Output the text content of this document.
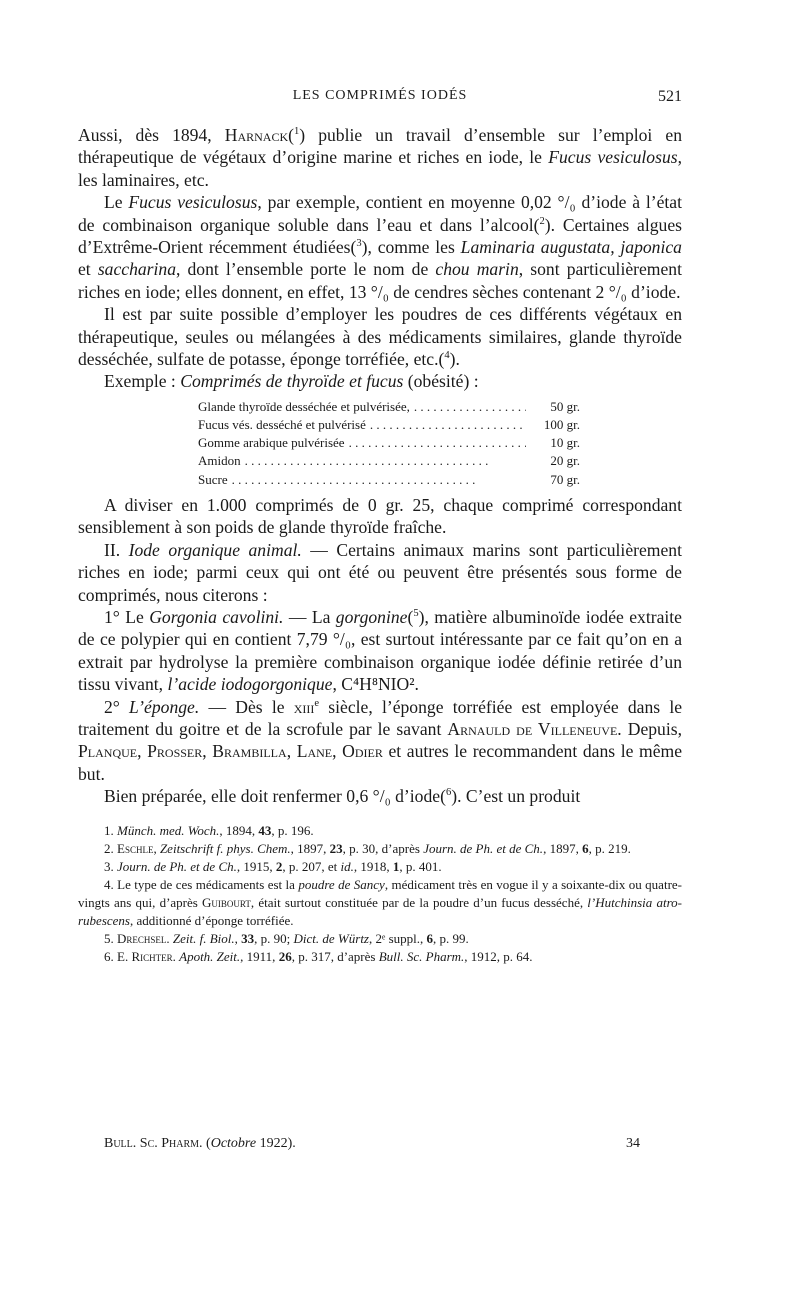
LES COMPRIMÉS IODÉS	521

Aussi, dès 1894, Harnack($^1$) publie un travail d’ensemble sur l’emploi en thérapeutique de végétaux d’origine marine et riches en iode, le Fucus vesiculosus, les laminaires, etc.

Le Fucus vesiculosus, par exemple, contient en moyenne 0,02 °/₀ d’iode à l’état de combinaison organique soluble dans l’eau et dans l’alcool($^2$). Certaines algues d’Extrême-Orient récemment étudiées($^3$), comme les Laminaria augustata, japonica et saccharina, dont l’ensemble porte le nom de chou marin, sont particulièrement riches en iode; elles donnent, en effet, 13 °/₀ de cendres sèches contenant 2 °/₀ d’iode.

Il est par suite possible d’employer les poudres de ces différents végétaux en thérapeutique, seules ou mélangées à des médicaments similaires, glande thyroïde desséchée, sulfate de potasse, éponge torréfiée, etc.($^4$).

Exemple : Comprimés de thyroïde et fucus (obésité) :

Glande thyroïde desséchée et pulvérisée, . . .	50 gr.
Fucus vés. desséché et pulvérisé . . .	100 gr.
Gomme arabique pulvérisée . . .	10 gr.
Amidon . . .	20 gr.
Sucre . . .	70 gr.

A diviser en 1.000 comprimés de 0 gr. 25, chaque comprimé correspondant sensiblement à son poids de glande thyroïde fraîche.

II. Iode organique animal. — Certains animaux marins sont particulièrement riches en iode; parmi ceux qui ont été ou peuvent être présentés sous forme de comprimés, nous citerons :

1° Le Gorgonia cavolini. — La gorgonine($^5$), matière albuminoïde iodée extraite de ce polypier qui en contient 7,79 °/₀, est surtout intéressante par ce fait qu’on en a extrait par hydrolyse la première combinaison organique iodée définie retirée d’un tissu vivant, l’acide iodogorgonique, C⁴H⁸NIO².

2° L’éponge. — Dès le xiii$^e$ siècle, l’éponge torréfiée est employée dans le traitement du goitre et de la scrofule par le savant Arnauld de Villeneuve. Depuis, Planque, Prosser, Brambilla, Lane, Odier et autres le recommandent dans le même but.

Bien préparée, elle doit renfermer 0,6 °/₀ d’iode($^6$). C’est un produit

1. Münch. med. Woch., 1894, 43, p. 196.

2. Eschle, Zeitschrift f. phys. Chem., 1897, 23, p. 30, d’après Journ. de Ph. et de Ch., 1897, 6, p. 219.

3. Journ. de Ph. et de Ch., 1915, 2, p. 207, et id., 1918, 1, p. 401.

4. Le type de ces médicaments est la poudre de Sancy, médicament très en vogue il y a soixante-dix ou quatre-vingts ans qui, d’après Guibourt, était surtout constituée par de la poudre d’un fucus desséché, l’Hutchinsia atro-rubescens, additionné d’éponge torréfiée.

5. Drechsel. Zeit. f. Biol., 33, p. 90; Dict. de Würtz, 2ᵉ suppl., 6, p. 99.

6. E. Richter. Apoth. Zeit., 1911, 26, p. 317, d’après Bull. Sc. Pharm., 1912, p. 64.

Bull. Sc. Pharm. (Octobre 1922).	34
